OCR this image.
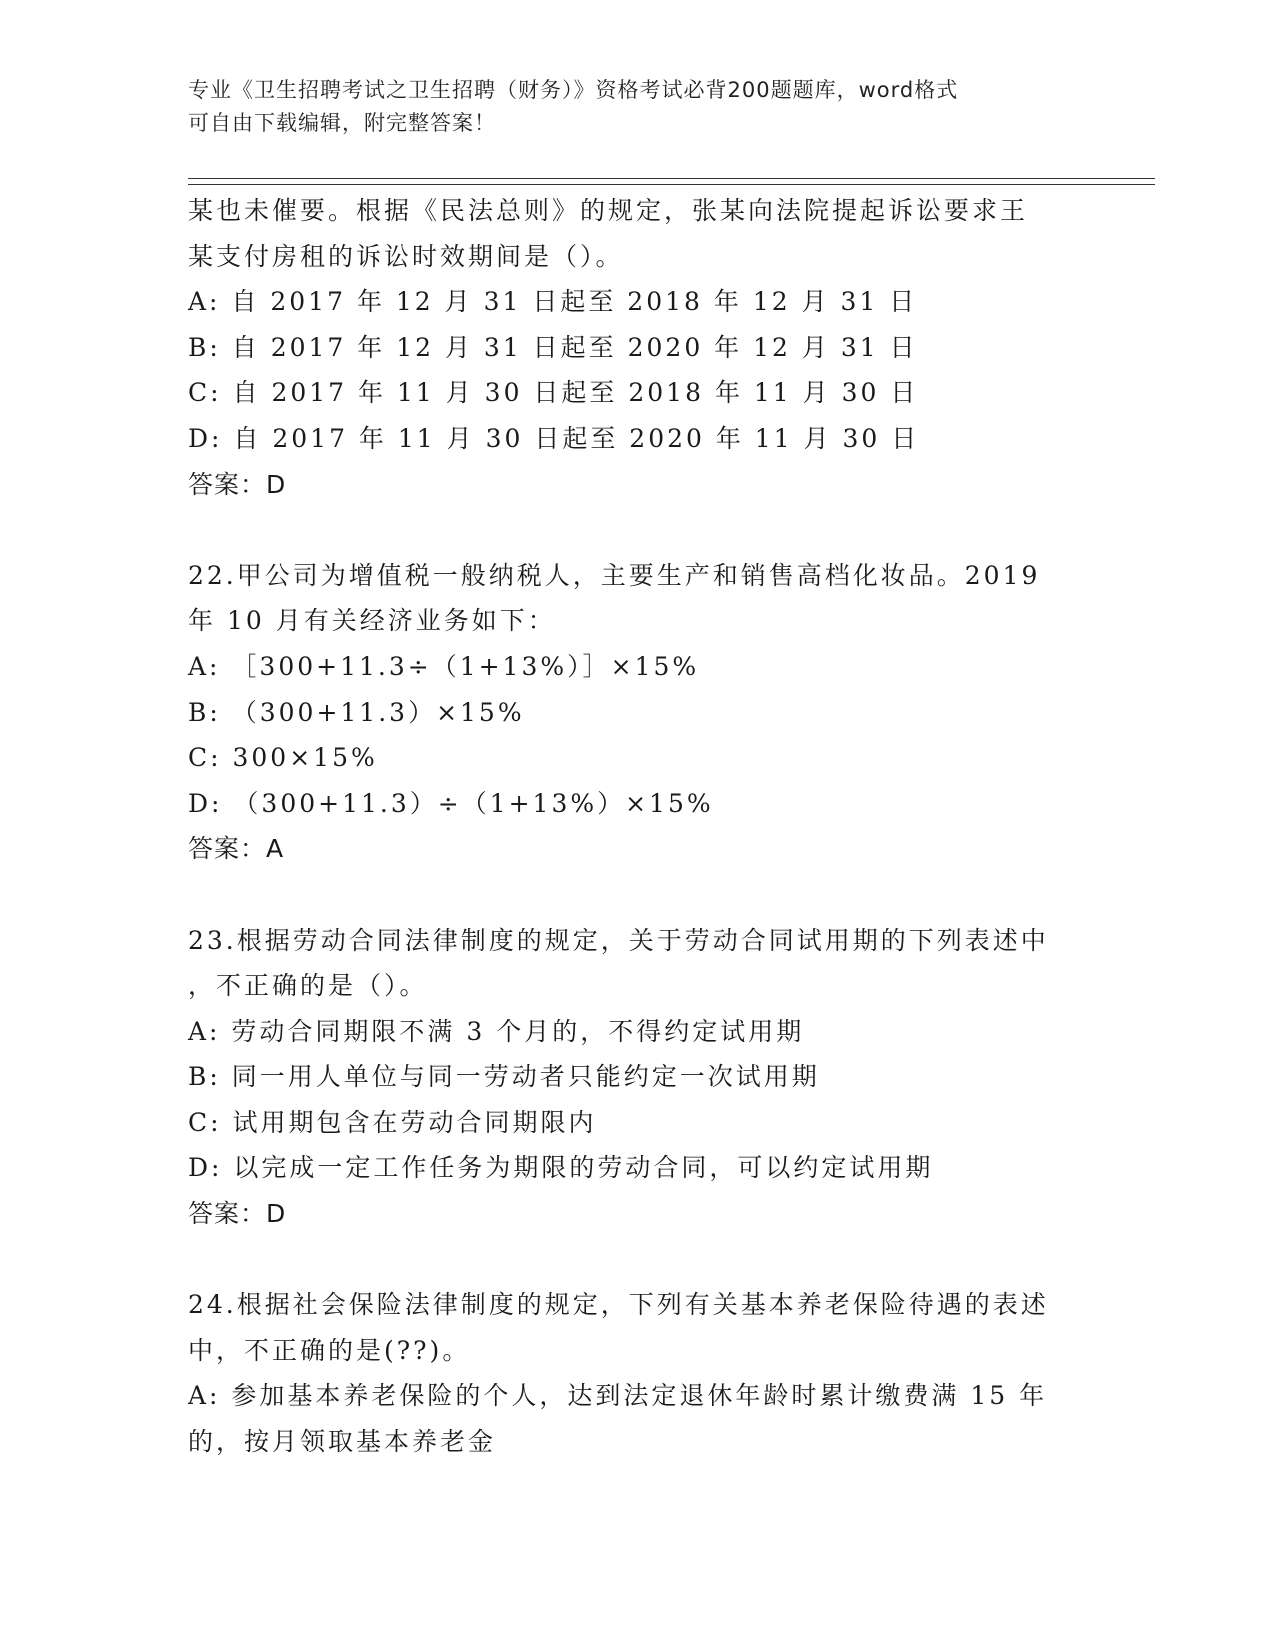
专业《卫生招聘考试之卫生招聘（财务）》资格考试必背200题题库，word格式
可自由下载编辑，附完整答案！
某也未催要。根据《民法总则》的规定，张某向法院提起诉讼要求王
某支付房租的诉讼时效期间是（）。
A: 自 2017 年 12 月 31 日起至 2018 年 12 月 31 日
B: 自 2017 年 12 月 31 日起至 2020 年 12 月 31 日
C: 自 2017 年 11 月 30 日起至 2018 年 11 月 30 日
D: 自 2017 年 11 月 30 日起至 2020 年 11 月 30 日
答案：D
22.甲公司为增值税一般纳税人，主要生产和销售高档化妆品。2019
年 10 月有关经济业务如下：
A: ［300+11.3÷（1+13%）］×15%
B: （300+11.3）×15%
C: 300×15%
D: （300+11.3）÷（1+13%）×15%
答案：A
23.根据劳动合同法律制度的规定，关于劳动合同试用期的下列表述中
，不正确的是（）。
A: 劳动合同期限不满 3 个月的，不得约定试用期
B: 同一用人单位与同一劳动者只能约定一次试用期
C: 试用期包含在劳动合同期限内
D: 以完成一定工作任务为期限的劳动合同，可以约定试用期
答案：D
24.根据社会保险法律制度的规定，下列有关基本养老保险待遇的表述
中，不正确的是(??)。
A: 参加基本养老保险的个人，达到法定退休年龄时累计缴费满 15 年
的，按月领取基本养老金
